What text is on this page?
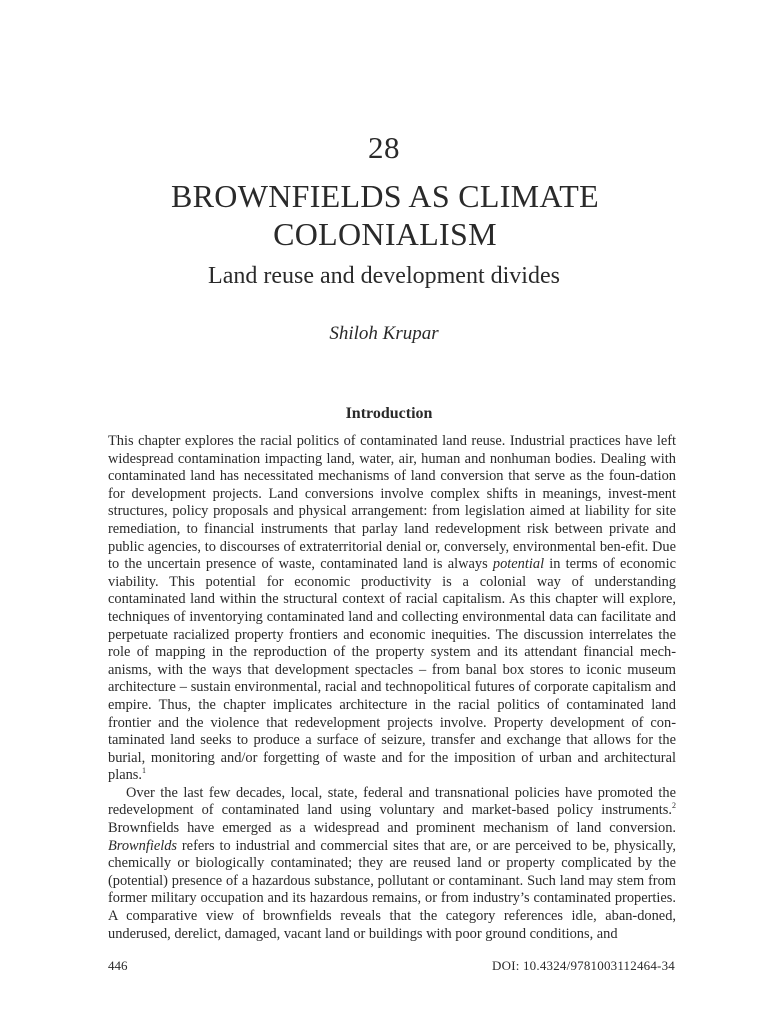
28
BROWNFIELDS AS CLIMATE COLONIALISM
Land reuse and development divides
Shiloh Krupar
Introduction

This chapter explores the racial politics of contaminated land reuse. Industrial practices have left widespread contamination impacting land, water, air, human and nonhuman bodies. Dealing with contaminated land has necessitated mechanisms of land conversion that serve as the foun-dation for development projects. Land conversions involve complex shifts in meanings, invest-ment structures, policy proposals and physical arrangement: from legislation aimed at liability for site remediation, to financial instruments that parlay land redevelopment risk between private and public agencies, to discourses of extraterritorial denial or, conversely, environmental ben-efit. Due to the uncertain presence of waste, contaminated land is always potential in terms of economic viability. This potential for economic productivity is a colonial way of understanding contaminated land within the structural context of racial capitalism. As this chapter will explore, techniques of inventorying contaminated land and collecting environmental data can facilitate and perpetuate racialized property frontiers and economic inequities. The discussion interrelates the role of mapping in the reproduction of the property system and its attendant financial mech-anisms, with the ways that development spectacles – from banal box stores to iconic museum architecture – sustain environmental, racial and technopolitical futures of corporate capitalism and empire. Thus, the chapter implicates architecture in the racial politics of contaminated land frontier and the violence that redevelopment projects involve. Property development of con-taminated land seeks to produce a surface of seizure, transfer and exchange that allows for the burial, monitoring and/or forgetting of waste and for the imposition of urban and architectural plans.$^1$

Over the last few decades, local, state, federal and transnational policies have promoted the redevelopment of contaminated land using voluntary and market-based policy instruments.$^2$ Brownfields have emerged as a widespread and prominent mechanism of land conversion. Brownfields refers to industrial and commercial sites that are, or are perceived to be, physically, chemically or biologically contaminated; they are reused land or property complicated by the (potential) presence of a hazardous substance, pollutant or contaminant. Such land may stem from former military occupation and its hazardous remains, or from industry’s contaminated properties. A comparative view of brownfields reveals that the category references idle, aban-doned, underused, derelict, damaged, vacant land or buildings with poor ground conditions, and

446	DOI: 10.4324/9781003112464-34
